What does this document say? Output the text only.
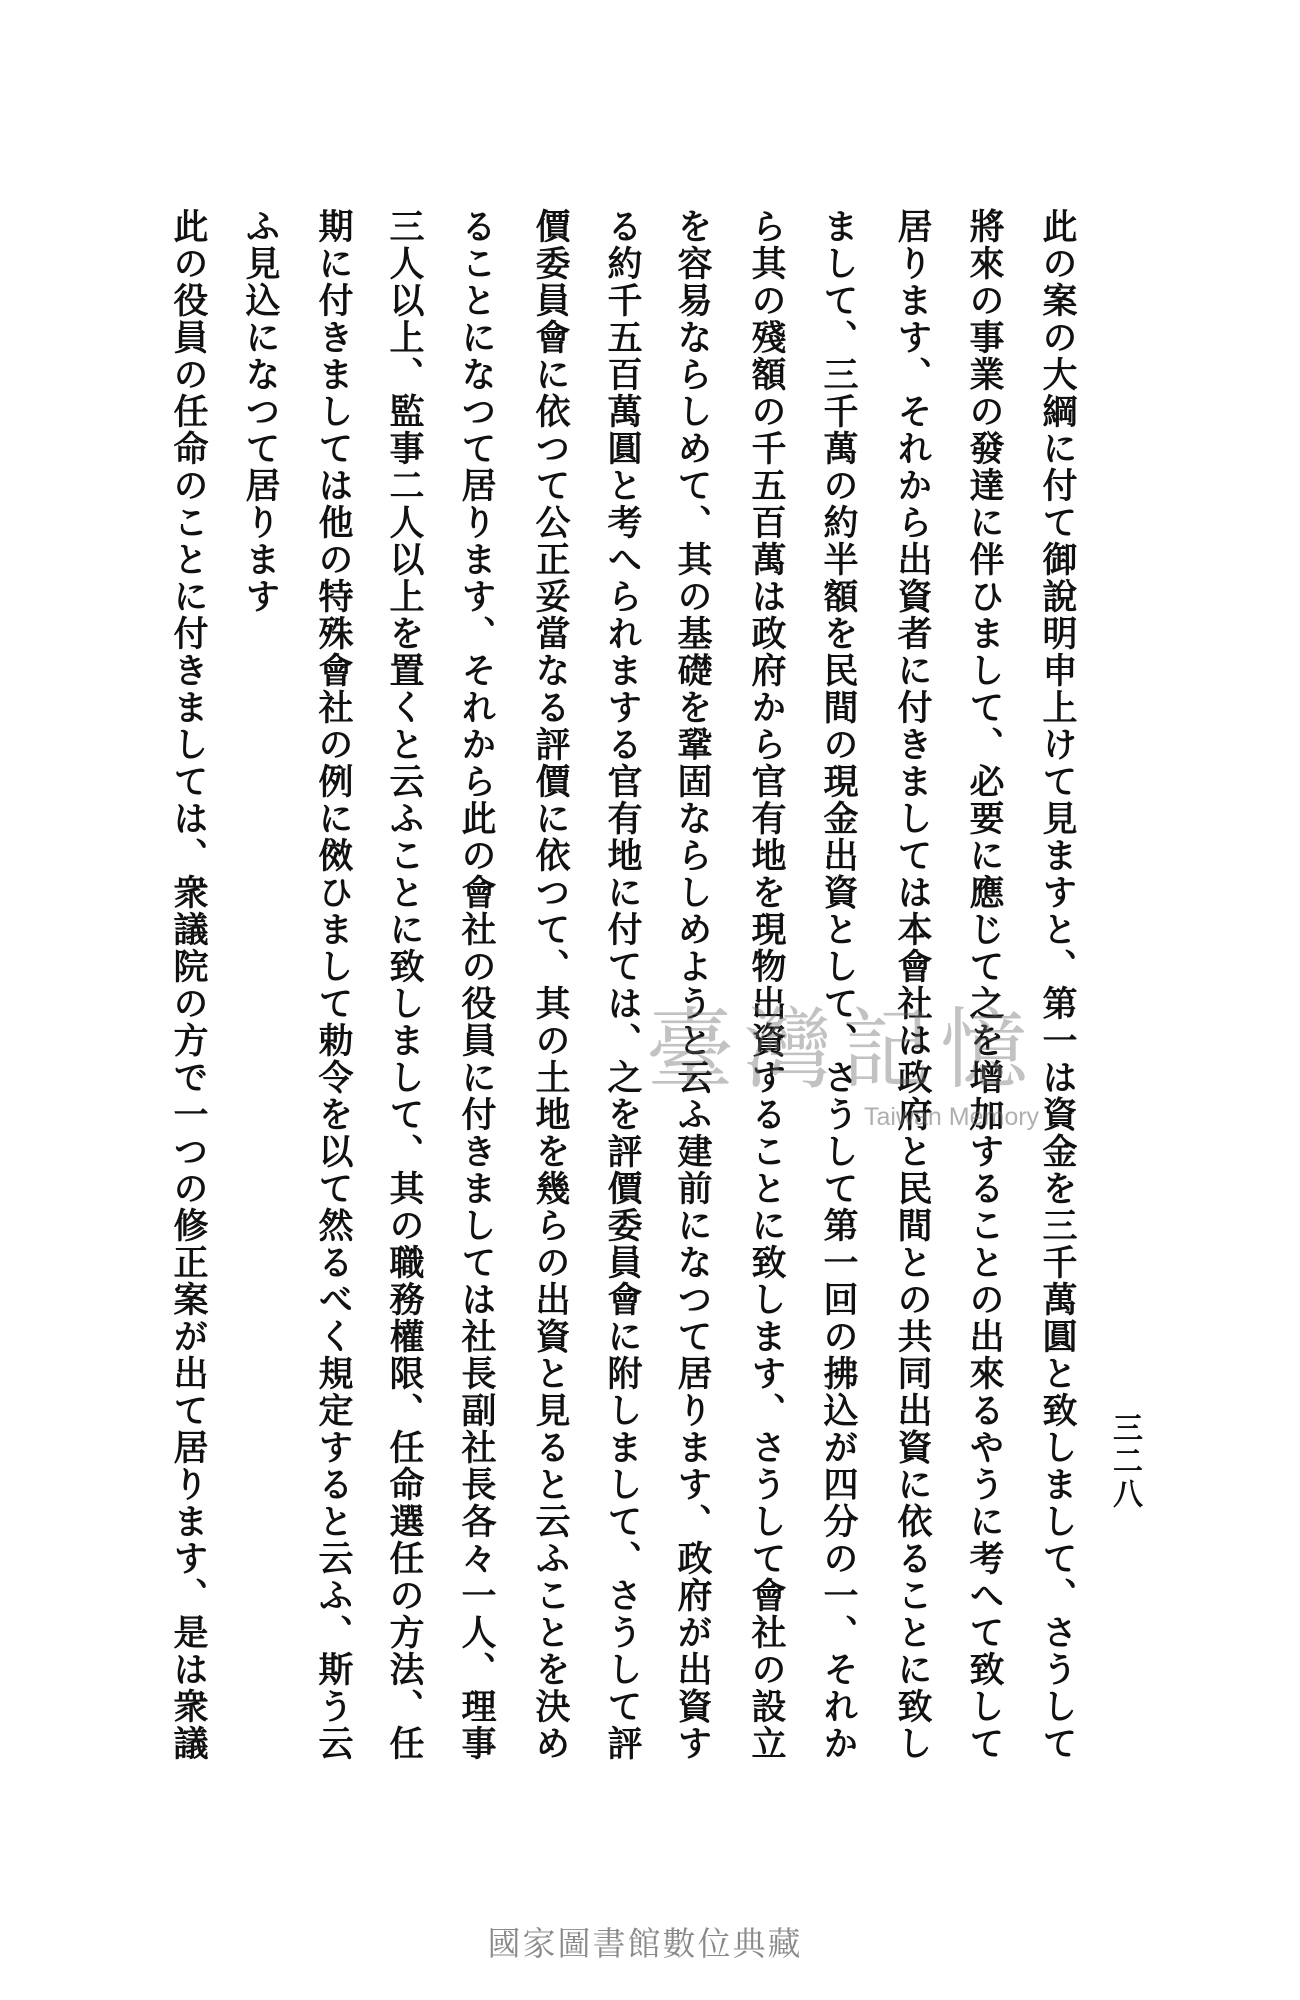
三二八
此の案の大綱に付て御說明申上けて見ますと、第一は資金を三千萬圓と致しまして、さうして
將來の事業の發達に伴ひまして、必要に應じて之を增加することの出來るやうに考へて致して
居ります、それから出資者に付きましては本會社は政府と民間との共同出資に依ることに致し
まして、三千萬の約半額を民間の現金出資として、さうして第一回の拂込が四分の一、それか
ら其の殘額の千五百萬は政府から官有地を現物出資することに致します、さうして會社の設立
を容易ならしめて、其の基礎を鞏固ならしめようと云ふ建前になつて居ります、政府が出資す
る約千五百萬圓と考へられまする官有地に付ては、之を評價委員會に附しまして、さうして評
價委員會に依つて公正妥當なる評價に依つて、其の土地を幾らの出資と見ると云ふことを決め
ることになつて居ります、それから此の會社の役員に付きましては社長副社長各々一人、理事
三人以上、監事二人以上を置くと云ふことに致しまして、其の職務權限、任命選任の方法、任
期に付きましては他の特殊會社の例に傚ひまして勅令を以て然るべく規定すると云ふ、斯う云
ふ見込になつて居ります
此の役員の任命のことに付きましては、衆議院の方で一つの修正案が出て居ります、是は衆議	臺灣記憶
Taiwan Memory
國家圖書館數位典藏
